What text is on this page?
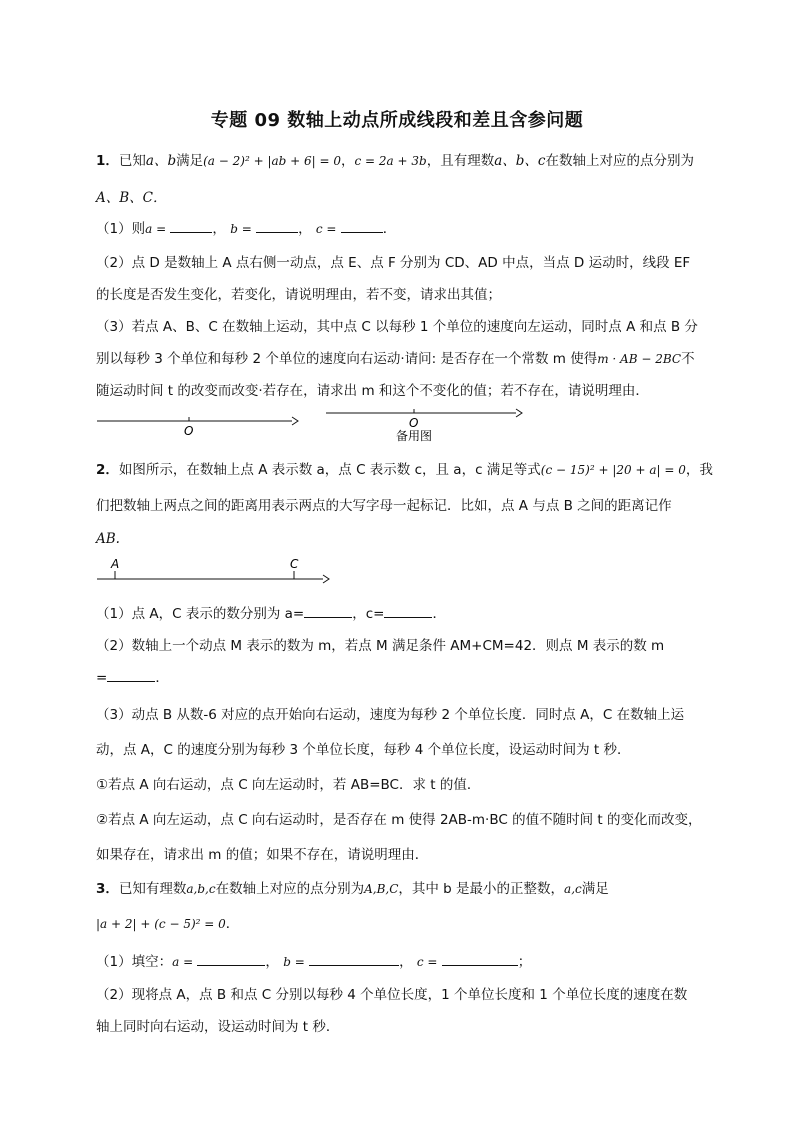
专题 09 数轴上动点所成线段和差且含参问题
1．已知a、b满足(a − 2)² + |ab + 6| = 0，c = 2a + 3b，且有理数a、b、c在数轴上对应的点分别为
A、B、C．
（1）则a =	， b =	， c =	．
（2）点 D 是数轴上 A 点右侧一动点，点 E、点 F 分别为 CD、AD 中点，当点 D 运动时，线段 EF
的长度是否发生变化，若变化，请说明理由，若不变，请求出其值；
（3）若点 A、B、C 在数轴上运动，其中点 C 以每秒 1 个单位的速度向左运动，同时点 A 和点 B 分
别以每秒 3 个单位和每秒 2 个单位的速度向右运动·请问: 是否存在一个常数 m 使得m · AB − 2BC不
随运动时间 t 的改变而改变·若存在，请求出 m 和这个不变化的值；若不存在，请说明理由．
O
O
备用图
2．如图所示，在数轴上点 A 表示数 a，点 C 表示数 c，且 a，c 满足等式(c − 15)² + |20 + a| = 0，我
们把数轴上两点之间的距离用表示两点的大写字母一起标记．比如，点 A 与点 B 之间的距离记作
AB.
A	C
（1）点 A，C 表示的数分别为 a=	，c=	．
（2）数轴上一个动点 M 表示的数为 m，若点 M 满足条件 AM+CM=42．则点 M 表示的数 m
=	．
（3）动点 B 从数-6 对应的点开始向右运动，速度为每秒 2 个单位长度．同时点 A，C 在数轴上运
动，点 A，C 的速度分别为每秒 3 个单位长度，每秒 4 个单位长度，设运动时间为 t 秒．
①若点 A 向右运动，点 C 向左运动时，若 AB=BC．求 t 的值．
②若点 A 向左运动，点 C 向右运动时，是否存在 m 使得 2AB-m·BC 的值不随时间 t 的变化而改变，
如果存在，请求出 m 的值；如果不存在，请说明理由．
3．已知有理数a,b,c在数轴上对应的点分别为A,B,C，其中 b 是最小的正整数，a,c满足
|a + 2| + (c − 5)² = 0．
（1）填空：a =	， b =	， c =	；
（2）现将点 A，点 B 和点 C 分别以每秒 4 个单位长度，1 个单位长度和 1 个单位长度的速度在数
轴上同时向右运动，设运动时间为 t 秒．
